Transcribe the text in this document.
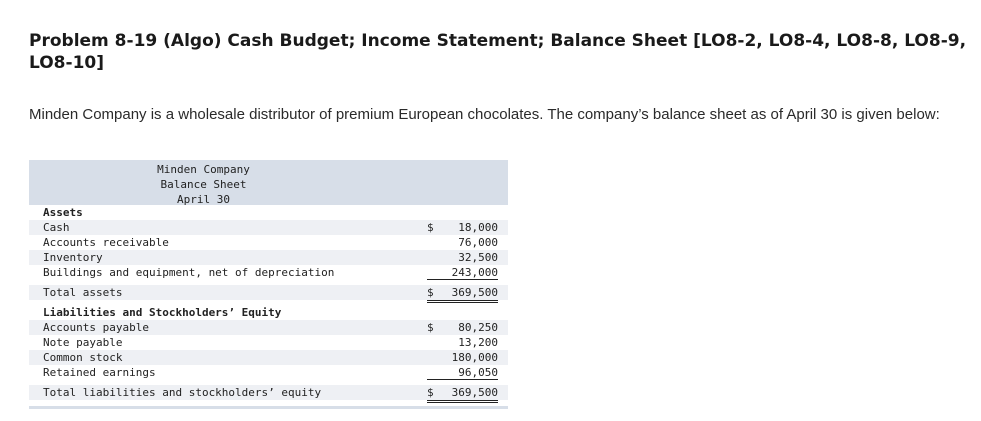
Problem 8-19 (Algo) Cash Budget; Income Statement; Balance Sheet [LO8-2, LO8-4, LO8-8, LO8-9, LO8-10]

Minden Company is a wholesale distributor of premium European chocolates. The company’s balance sheet as of April 30 is given below:

Minden Company
Balance Sheet
April 30
Assets
Cash	$ 18,000
Accounts receivable	76,000
Inventory	32,500
Buildings and equipment, net of depreciation	243,000
Total assets	$ 369,500
Liabilities and Stockholders’ Equity
Accounts payable	$ 80,250
Note payable	13,200
Common stock	180,000
Retained earnings	96,050
Total liabilities and stockholders’ equity	$ 369,500
